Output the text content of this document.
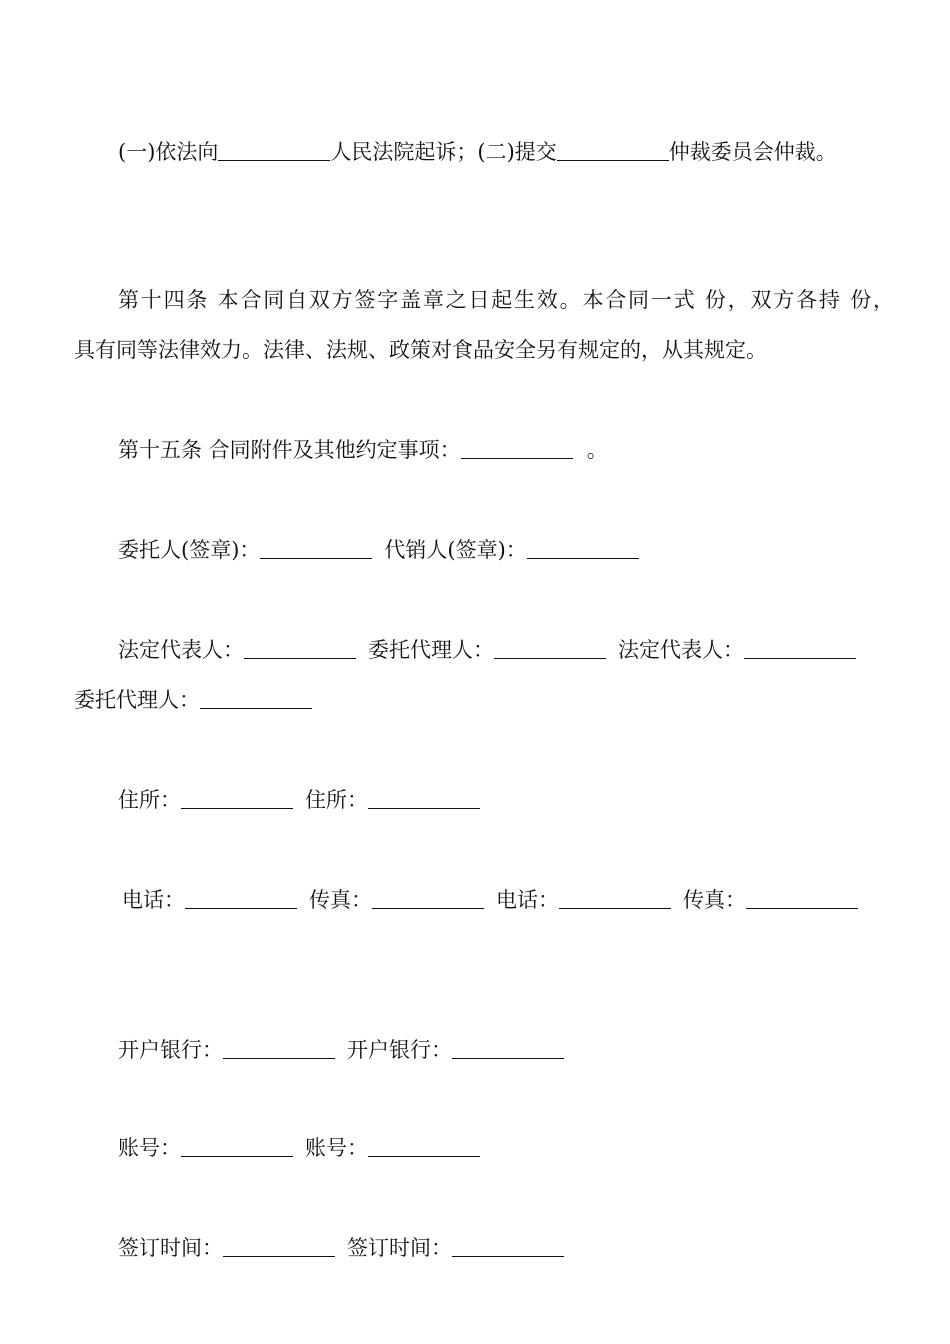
(一)依法向	人民法院起诉；(二)提交	仲裁委员会仲裁。
第十四条 本合同自双方签字盖章之日起生效。本合同一式 份，双方各持 份，
具有同等法律效力。法律、法规、政策对食品安全另有规定的，从其规定。
第十五条 合同附件及其他约定事项：	。
委托人(签章)：	代销人(签章)：
法定代表人：	委托代理人：	法定代表人：
委托代理人：
住所：	住所：
电话：	传真：	电话：	传真：
开户银行：	开户银行：
账号：	账号：
签订时间：	签订时间：
